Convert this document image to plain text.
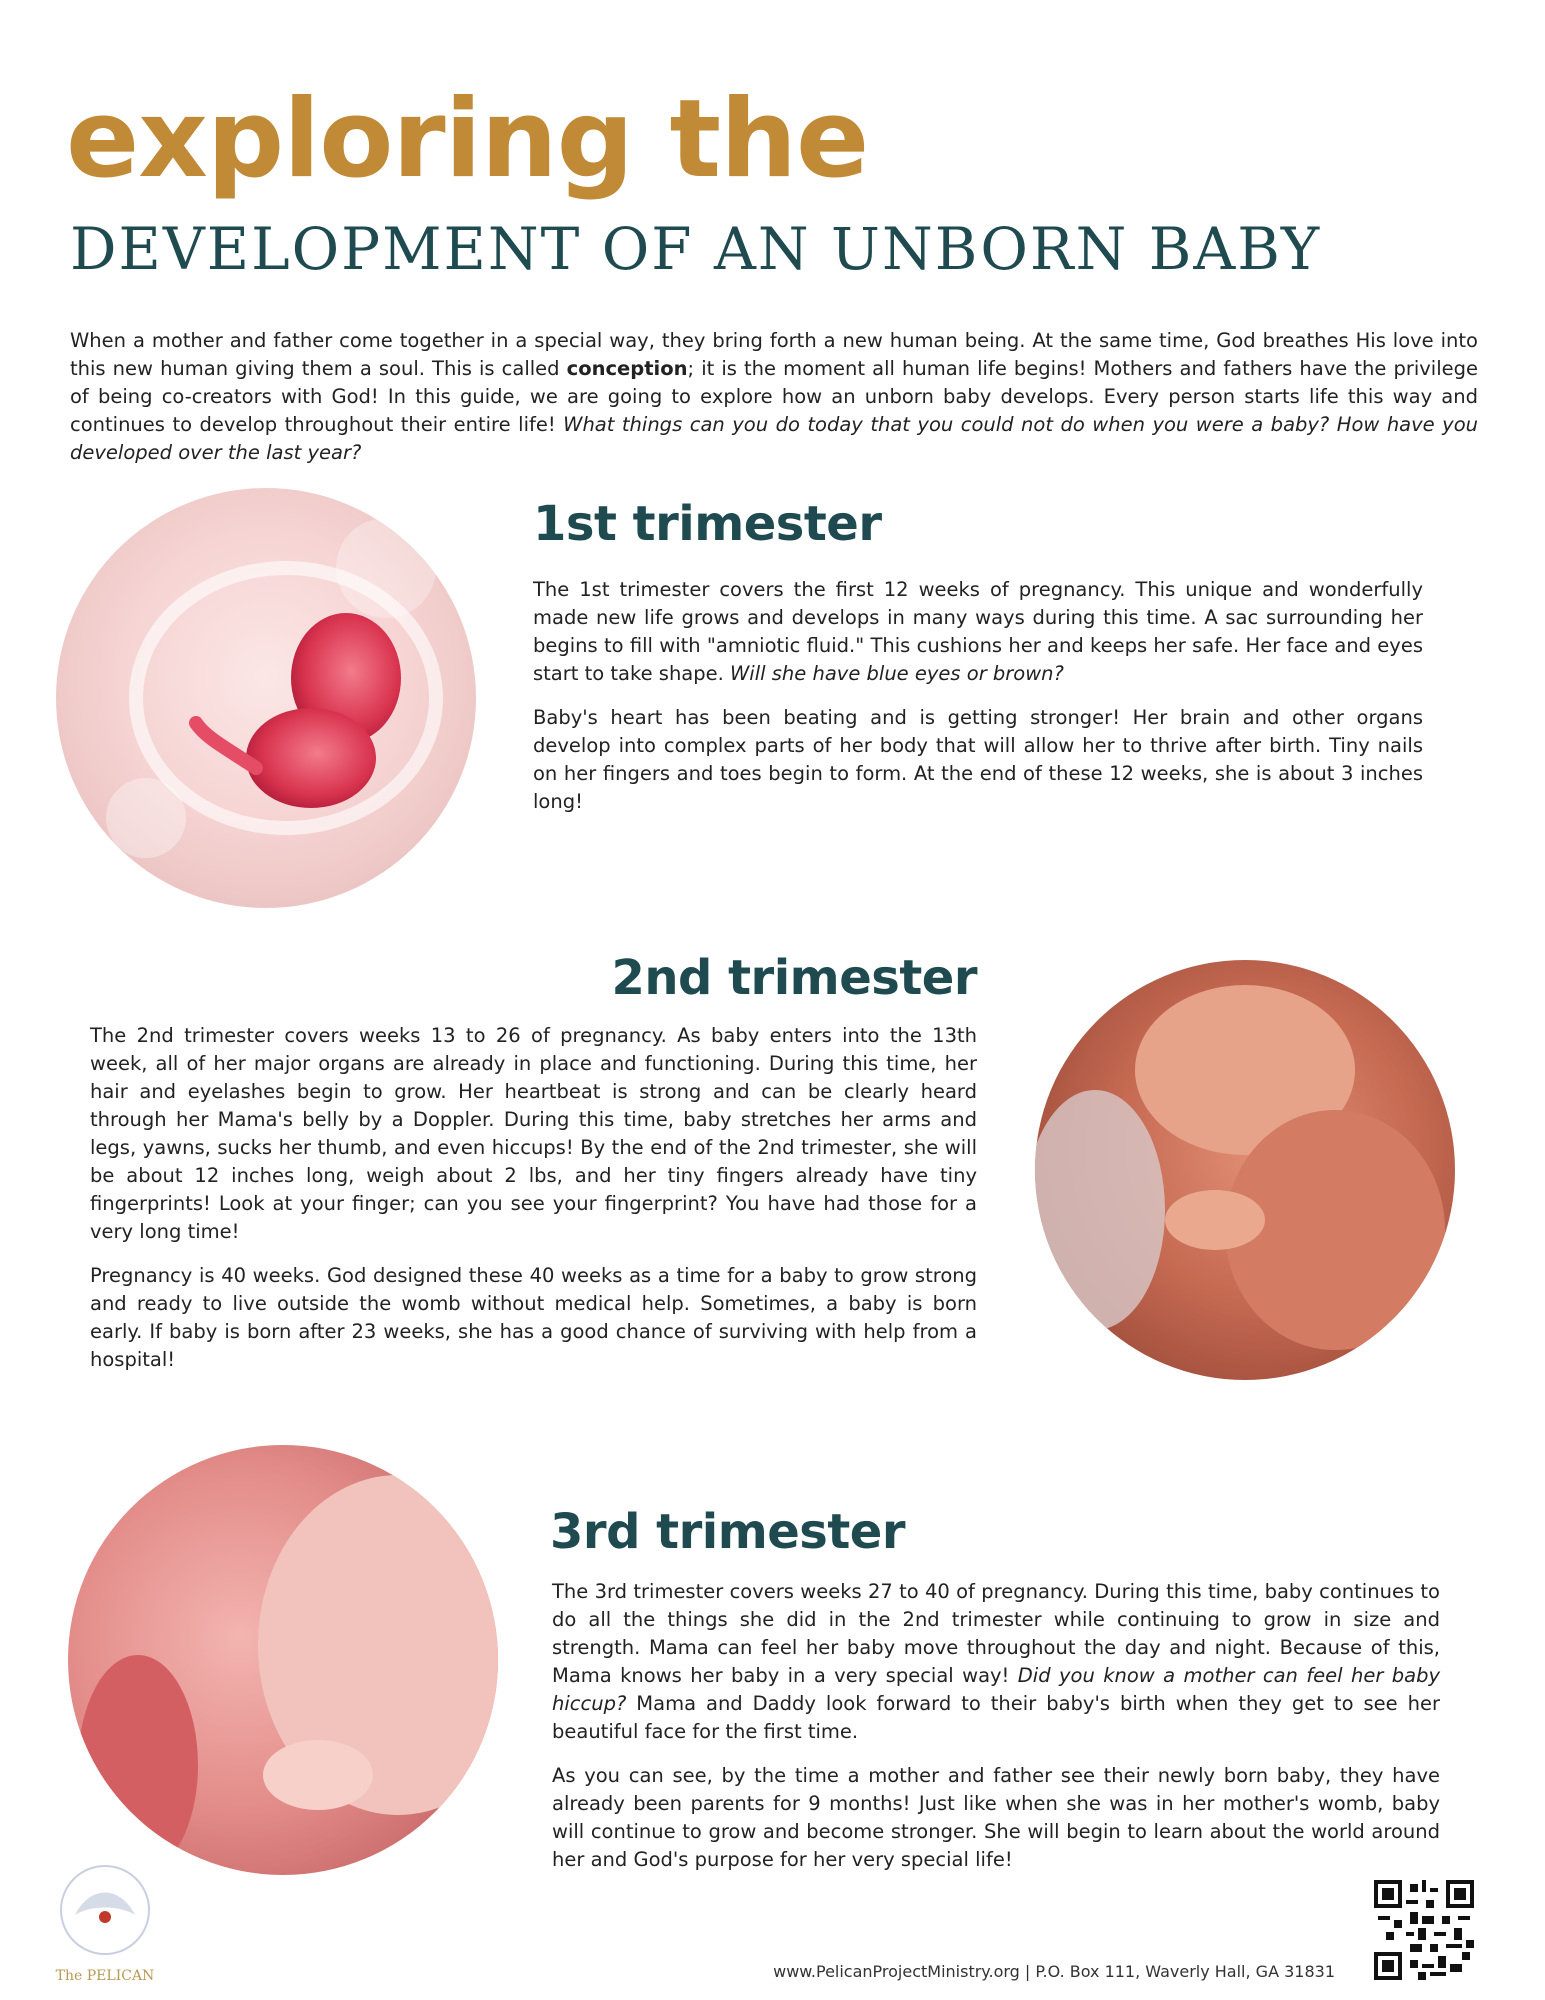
exploring the
DEVELOPMENT OF AN UNBORN BABY

When a mother and father come together in a special way, they bring forth a new human being. At the same time, God breathes His love into this new human giving them a soul. This is called conception; it is the moment all human life begins! Mothers and fathers have the privilege of being co-creators with God! In this guide, we are going to explore how an unborn baby develops. Every person starts life this way and continues to develop throughout their entire life! What things can you do today that you could not do when you were a baby? How have you developed over the last year?

1st trimester

The 1st trimester covers the first 12 weeks of pregnancy. This unique and wonderfully made new life grows and develops in many ways during this time. A sac surrounding her begins to fill with "amniotic fluid." This cushions her and keeps her safe. Her face and eyes start to take shape. Will she have blue eyes or brown?

Baby's heart has been beating and is getting stronger! Her brain and other organs develop into complex parts of her body that will allow her to thrive after birth. Tiny nails on her fingers and toes begin to form. At the end of these 12 weeks, she is about 3 inches long!

2nd trimester

The 2nd trimester covers weeks 13 to 26 of pregnancy. As baby enters into the 13th week, all of her major organs are already in place and functioning. During this time, her hair and eyelashes begin to grow. Her heartbeat is strong and can be clearly heard through her Mama's belly by a Doppler. During this time, baby stretches her arms and legs, yawns, sucks her thumb, and even hiccups! By the end of the 2nd trimester, she will be about 12 inches long, weigh about 2 lbs, and her tiny fingers already have tiny fingerprints! Look at your finger; can you see your fingerprint? You have had those for a very long time!

Pregnancy is 40 weeks. God designed these 40 weeks as a time for a baby to grow strong and ready to live outside the womb without medical help. Sometimes, a baby is born early. If baby is born after 23 weeks, she has a good chance of surviving with help from a hospital!

3rd trimester

The 3rd trimester covers weeks 27 to 40 of pregnancy. During this time, baby continues to do all the things she did in the 2nd trimester while continuing to grow in size and strength. Mama can feel her baby move throughout the day and night. Because of this, Mama knows her baby in a very special way! Did you know a mother can feel her baby hiccup? Mama and Daddy look forward to their baby's birth when they get to see her beautiful face for the first time.

As you can see, by the time a mother and father see their newly born baby, they have already been parents for 9 months! Just like when she was in her mother's womb, baby will continue to grow and become stronger. She will begin to learn about the world around her and God's purpose for her very special life!

The PELICAN	www.PelicanProjectMinistry.org | P.O. Box 111, Waverly Hall, GA 31831
